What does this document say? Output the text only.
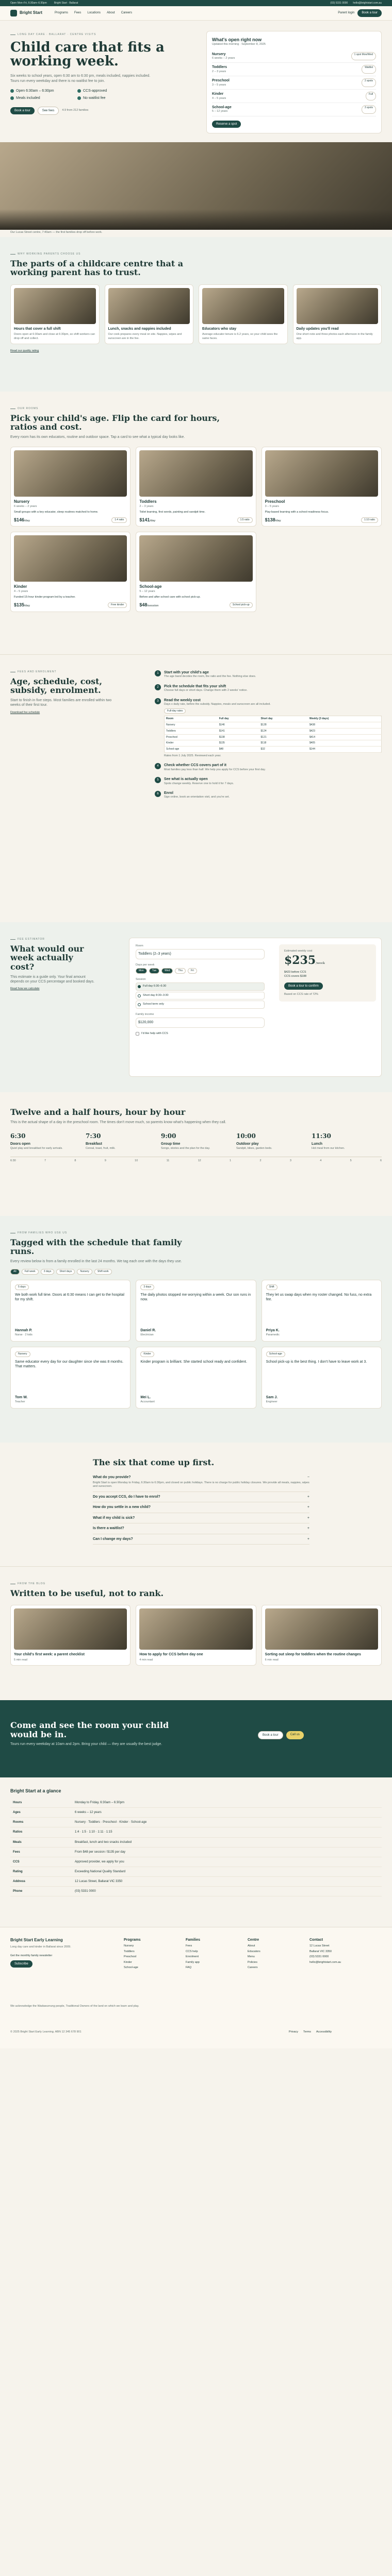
Open Mon–Fri, 6:30am–6:30pm	Bright Start · Ballarat	(03) 5331 0000 hello@brightstart.com.au
Bright Start	Programs Fees Locations About Careers	Parent login	Book a tour
LONG DAY CARE · BALLARAT · CENTRE VISITS
Child care that fits a working week.

Six weeks to school years, open 6:30 am to 6:30 pm, meals included, nappies included. Tours run every weekday and there is no waitlist fee to join.

Open 6:30am – 6:30pm	CCS-approved
Meals included	No waitlist fee
Book a tour	See fees	4.9 from 212 families
What's open right now
Updated this morning · September 8, 2025
Nursery
6 weeks – 2 years
1 spot Mon/Wed
Toddlers
2 – 3 years
Waitlist
Preschool
3 – 5 years
2 spots
Kinder
4 – 5 years
Full
School-age
5 – 12 years
3 spots
Reserve a spot
Our Lucas Street centre, 7:40am — the first families drop off before work.
WHY WORKING PARENTS CHOOSE US
The parts of a childcare centre that a working parent has to trust.
Hours that cover a full shift
Doors open at 6:30am and close at 6:30pm, so shift workers can drop off and collect.
Lunch, snacks and nappies included
Our cook prepares every meal on site. Nappies, wipes and sunscreen are in the fee.
Educators who stay
Average educator tenure is 6.2 years, so your child sees the same faces.
Daily updates you'll read
One short note and three photos each afternoon in the family app.
Read our quality rating
OUR ROOMS
Pick your child's age. Flip the card for hours, ratios and cost.

Every room has its own educators, routine and outdoor space. Tap a card to see what a typical day looks like.

Nursery
6 weeks – 2 years
Small groups with a key educator, sleep routines matched to home.
$146/day	1:4 ratio
Toddlers
2 – 3 years
Toilet learning, first words, painting and sandpit time.
$141/day	1:5 ratio
Preschool
3 – 5 years
Play-based learning with a school-readiness focus.
$138/day	1:10 ratio
Kinder
4 – 5 years
Funded 15-hour kinder program led by a teacher.
$135/day	Free kinder
School-age
5 – 12 years
Before and after school care with school pick-up.
$48/session	School pick-up
FEES AND ENROLMENT
Age, schedule, cost, subsidy, enrolment.

Start to finish in five steps. Most families are enrolled within two weeks of their first tour.

Download fee schedule
1	Start with your child's age
The age band decides the room, the ratio and the fee. Nothing else does.
2	Pick the schedule that fits your shift
Choose full days or short days. Change them with 2 weeks' notice.
3	Read the weekly cost
Days x daily rate, before the subsidy. Nappies, meals and sunscreen are all included.
Full-day rates
Room	Full day	Short day	Weekly (3 days)
Nursery	$146	$128	$438
Toddlers	$141	$124	$423
Preschool	$138	$121	$414
Kinder	$135	$118	$405
School-age	$48	$32	$144
Rates from 1 July 2025. Reviewed each year.
4	Check whether CCS covers part of it
Most families pay less than half. We help you apply for CCS before your first day.
5	See what is actually open
Spots change weekly. Reserve one to hold it for 7 days.
6	Enrol
Sign online, book an orientation visit, and you're set.
FEE ESTIMATOR
What would our week actually cost?

This estimate is a guide only. Your final amount depends on your CCS percentage and booked days.

Read how we calculate
Room
Toddlers (2–3 years)
Days per week
Mon	Tue	Wed	Thu	Fri
Session
Full day 6:30–6:30
Short day 8:30–3:30
School term only
Family income
$120,000
I'd like help with CCS
Estimated weekly cost
$235/week
$423 before CCS
CCS covers $188
Book a tour to confirm
Based on CCS rate of 72%
Twelve and a half hours, hour by hour

This is the actual shape of a day in the preschool room. The times don't move much, so parents know what's happening when they call.

6:30
Doors open
Quiet play and breakfast for early arrivals.
7:30
Breakfast
Cereal, toast, fruit, milk.
9:00
Group time
Songs, stories and the plan for the day.
10:00
Outdoor play
Sandpit, bikes, garden beds.
11:30
Lunch
Hot meal from our kitchen.
6:30	7	8	9	10	11	12	1	2	3	4	5	6
FROM FAMILIES WHO USE US
Tagged with the schedule that family runs.

Every review below is from a family enrolled in the last 24 months. We tag each one with the days they use.

All	Full week	3 days	Short days	Nursery	Shift work
5 days
We both work full time. Doors at 6:30 means I can get to the hospital for my shift.
Hannah P.
Nurse · 2 kids
3 days
The daily photos stopped me worrying within a week. Our son runs in now.
Daniel R.
Electrician
Shift
They let us swap days when my roster changed. No fuss, no extra fee.
Priya K.
Paramedic
Nursery
Same educator every day for our daughter since she was 8 months. That matters.
Tom W.
Teacher
Kinder
Kinder program is brilliant. She started school ready and confident.
Mei L.
Accountant
School-age
School pick-up is the best thing. I don't have to leave work at 3.
Sam J.
Engineer
The six that come up first.
What do you provide?	−
Bright Start is open Monday to Friday, 6:30am to 6:30pm, and closed on public holidays. There is no charge for public holiday closures. We provide all meals, nappies, wipes and sunscreen.
Do you accept CCS, do I have to enrol?	+
How do you settle in a new child?	+
What if my child is sick?	+
Is there a waitlist?	+
Can I change my days?	+
FROM THE BLOG
Written to be useful, not to rank.
Your child's first week: a parent checklist
5 min read
How to apply for CCS before day one
4 min read
Sorting out sleep for toddlers when the routine changes
6 min read
Come and see the room your child would be in.

Tours run every weekday at 10am and 2pm. Bring your child — they are usually the best judge.

Book a tour	Call us
Bright Start at a glance
Hours	Monday to Friday, 6:30am – 6:30pm
Ages	6 weeks – 12 years
Rooms	Nursery · Toddlers · Preschool · Kinder · School-age
Ratios	1:4 · 1:5 · 1:10 · 1:11 · 1:15
Meals	Breakfast, lunch and two snacks included
Fees	From $48 per session / $135 per day
CCS	Approved provider, we apply for you
Rating	Exceeding National Quality Standard
Address	12 Lucas Street, Ballarat VIC 3350
Phone	(03) 5331 0000
Bright Start Early Learning
Long day care and kinder in Ballarat since 2009.
Get the monthly family newsletter
Subscribe
Programs
Nursery
Toddlers
Preschool
Kinder
School-age
Families
Fees
CCS help
Enrolment
Family app
FAQ
Centre
About
Educators
Menu
Policies
Careers
Contact
12 Lucas Street
Ballarat VIC 3350
(03) 5331 0000
hello@brightstart.com.au
We acknowledge the Wadawurrung people, Traditional Owners of the land on which we learn and play.
© 2025 Bright Start Early Learning. ABN 12 345 678 901	Privacy Terms Accessibility
